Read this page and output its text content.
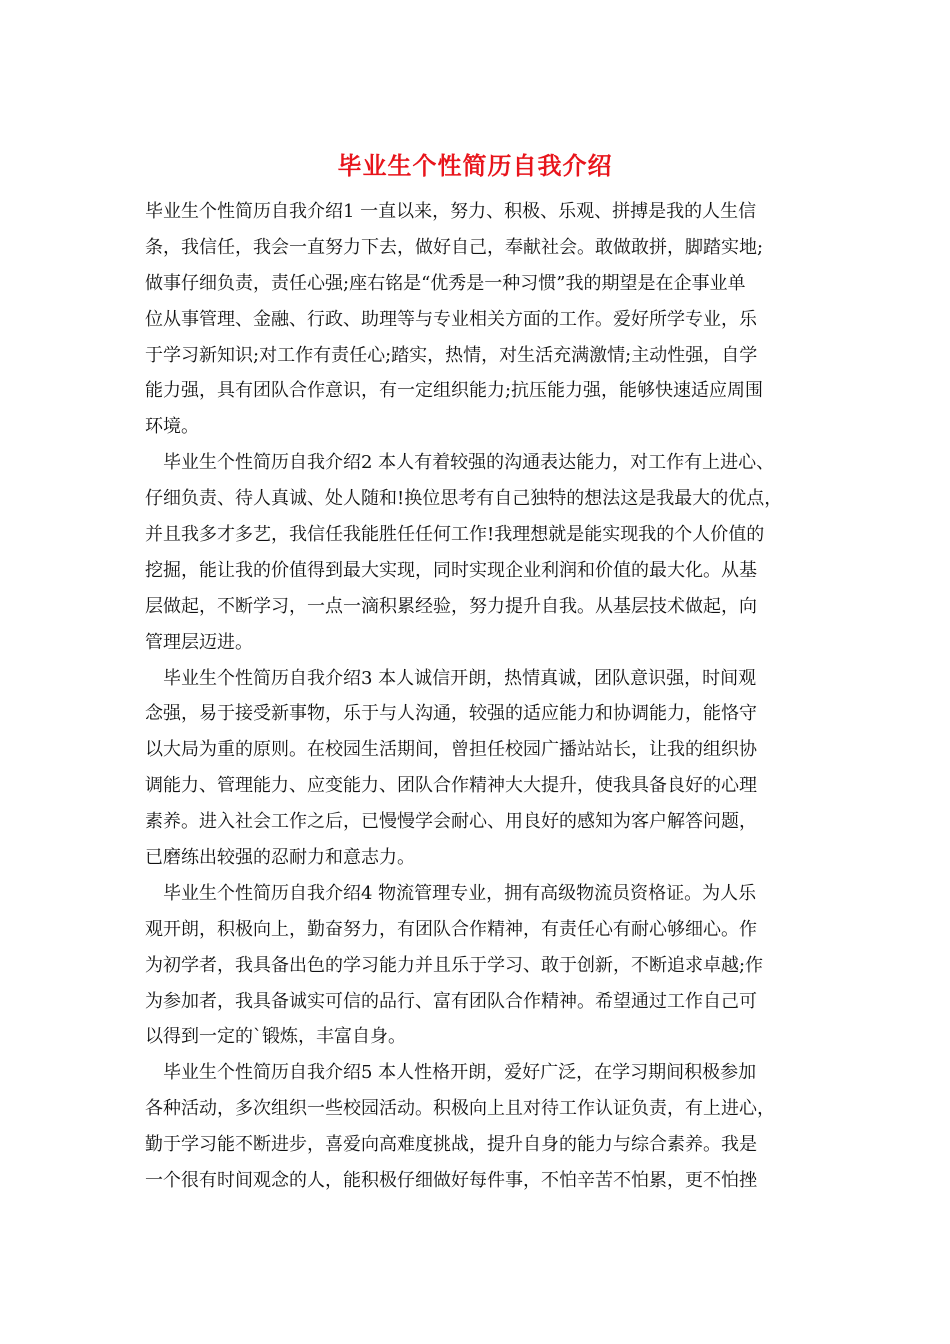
毕业生个性简历自我介绍
毕业生个性简历自我介绍1 一直以来，努力、积极、乐观、拼搏是我的人生信
条，我信任，我会一直努力下去，做好自己，奉献社会。敢做敢拼，脚踏实地;
做事仔细负责，责任心强;座右铭是“优秀是一种习惯”我的期望是在企事业单
位从事管理、金融、行政、助理等与专业相关方面的工作。爱好所学专业，乐
于学习新知识;对工作有责任心;踏实，热情，对生活充满激情;主动性强，自学
能力强，具有团队合作意识，有一定组织能力;抗压能力强，能够快速适应周围
环境。
毕业生个性简历自我介绍2 本人有着较强的沟通表达能力，对工作有上进心、
仔细负责、待人真诚、处人随和!换位思考有自己独特的想法这是我最大的优点，
并且我多才多艺，我信任我能胜任任何工作!我理想就是能实现我的个人价值的
挖掘，能让我的价值得到最大实现，同时实现企业利润和价值的最大化。从基
层做起，不断学习，一点一滴积累经验，努力提升自我。从基层技术做起，向
管理层迈进。
毕业生个性简历自我介绍3 本人诚信开朗，热情真诚，团队意识强，时间观
念强，易于接受新事物，乐于与人沟通，较强的适应能力和协调能力，能恪守
以大局为重的原则。在校园生活期间，曾担任校园广播站站长，让我的组织协
调能力、管理能力、应变能力、团队合作精神大大提升，使我具备良好的心理
素养。进入社会工作之后，已慢慢学会耐心、用良好的感知为客户解答问题，
已磨练出较强的忍耐力和意志力。
毕业生个性简历自我介绍4 物流管理专业，拥有高级物流员资格证。为人乐
观开朗，积极向上，勤奋努力，有团队合作精神，有责任心有耐心够细心。作
为初学者，我具备出色的学习能力并且乐于学习、敢于创新，不断追求卓越;作
为参加者，我具备诚实可信的品行、富有团队合作精神。希望通过工作自己可
以得到一定的`锻炼，丰富自身。
毕业生个性简历自我介绍5 本人性格开朗，爱好广泛，在学习期间积极参加
各种活动，多次组织一些校园活动。积极向上且对待工作认证负责，有上进心，
勤于学习能不断进步，喜爱向高难度挑战，提升自身的能力与综合素养。我是
一个很有时间观念的人，能积极仔细做好每件事，不怕辛苦不怕累，更不怕挫
